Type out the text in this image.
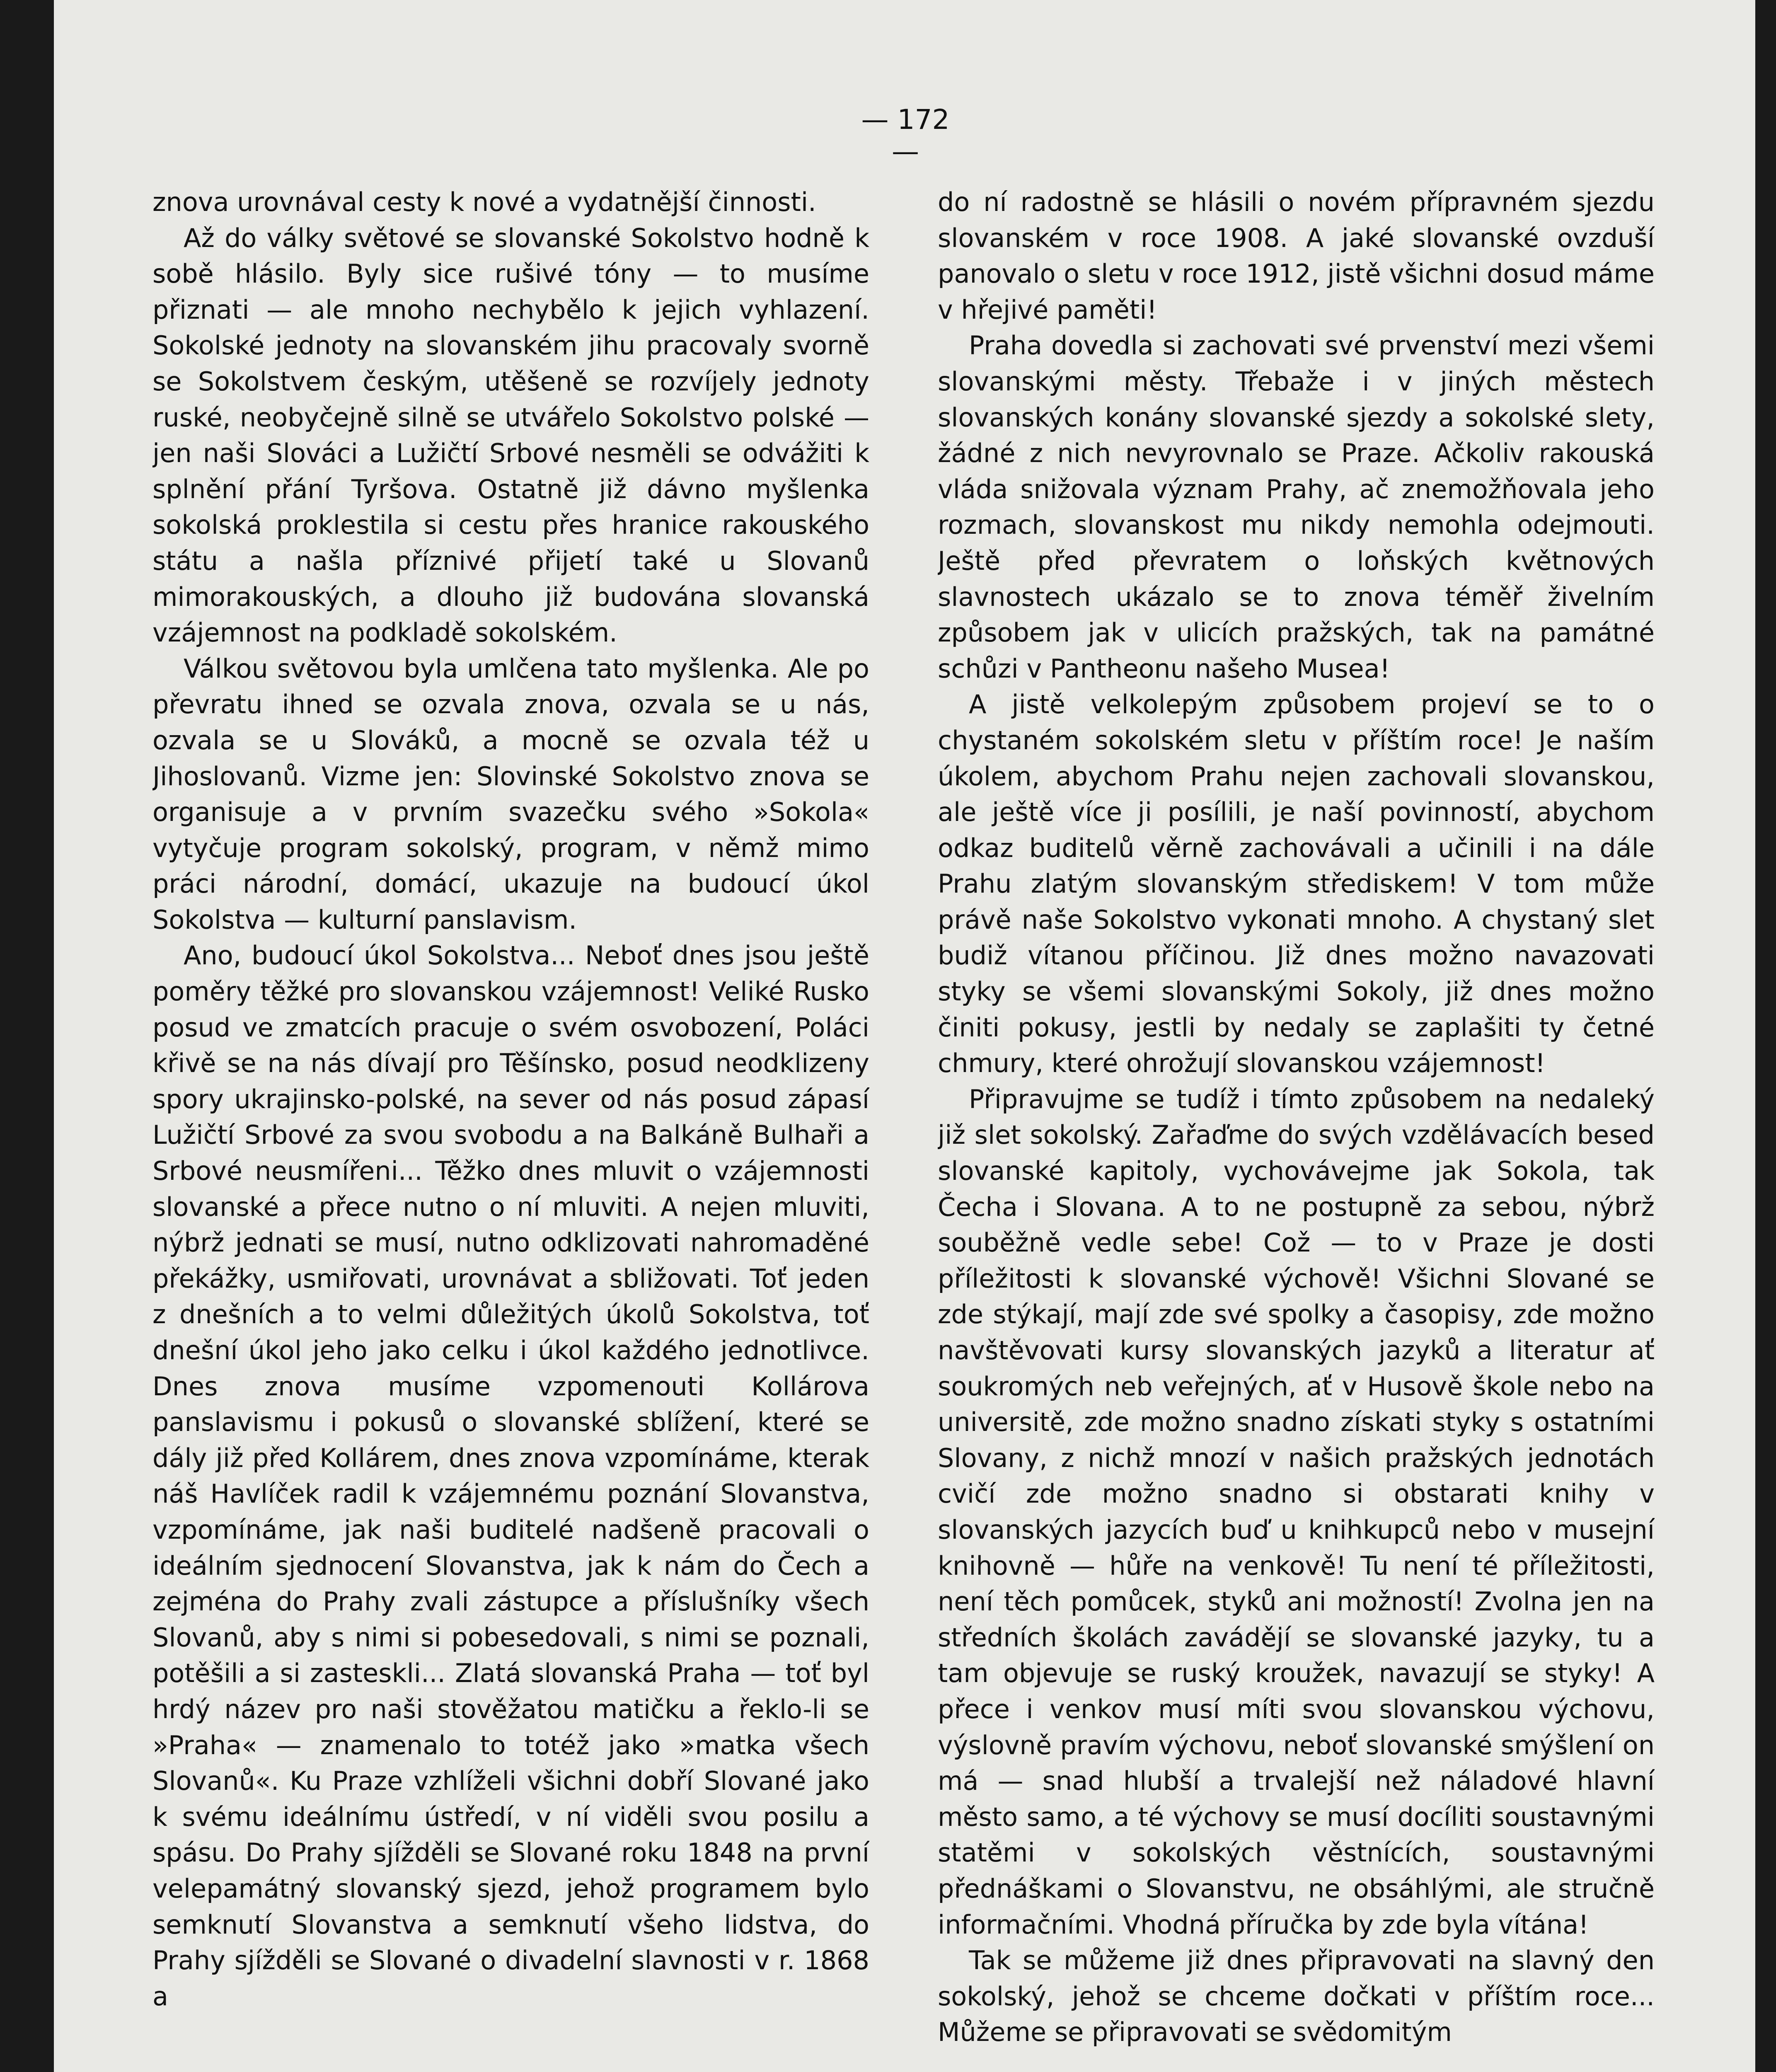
— 172 —

znova urovnával cesty k nové a vydatnější činnosti.

Až do války světové se slovanské Sokolstvo hodně k sobě hlásilo. Byly sice rušivé tóny — to musíme přiznati — ale mnoho nechybělo k jejich vyhlazení. Sokolské jednoty na slovanském jihu pracovaly svorně se Sokolstvem českým, utěšeně se rozvíjely jednoty ruské, neobyčejně silně se utvářelo Sokolstvo polské — jen naši Slováci a Lužičtí Srbové nesměli se odvážiti k splnění přání Tyršova. Ostatně již dávno myšlenka sokolská proklestila si cestu přes hranice rakouského státu a našla příznivé přijetí také u Slovanů mimorakouských, a dlouho již budována slovanská vzájemnost na podkladě sokolském.

Válkou světovou byla umlčena tato myšlenka. Ale po převratu ihned se ozvala znova, ozvala se u nás, ozvala se u Slováků, a mocně se ozvala též u Jihoslovanů. Vizme jen: Slovinské Sokolstvo znova se organisuje a v prvním svazečku svého »Sokola« vytyčuje program sokolský, program, v němž mimo práci národní, domácí, ukazuje na budoucí úkol Sokolstva — kulturní panslavism.

Ano, budoucí úkol Sokolstva... Neboť dnes jsou ještě poměry těžké pro slovanskou vzájemnost! Veliké Rusko posud ve zmatcích pracuje o svém osvobození, Poláci křivě se na nás dívají pro Těšínsko, posud neodklizeny spory ukrajinsko-polské, na sever od nás posud zápasí Lužičtí Srbové za svou svobodu a na Balkáně Bulhaři a Srbové neusmířeni... Těžko dnes mluvit o vzájemnosti slovanské a přece nutno o ní mluviti. A nejen mluviti, nýbrž jednati se musí, nutno odklizovati nahromaděné překážky, usmiřovati, urovnávat a sbližovati. Toť jeden z dnešních a to velmi důležitých úkolů Sokolstva, toť dnešní úkol jeho jako celku i úkol každého jednotlivce. Dnes znova musíme vzpomenouti Kollárova panslavismu i pokusů o slovanské sblížení, které se dály již před Kollárem, dnes znova vzpomínáme, kterak náš Havlíček radil k vzájemnému poznání Slovanstva, vzpomínáme, jak naši buditelé nadšeně pracovali o ideálním sjednocení Slovanstva, jak k nám do Čech a zejména do Prahy zvali zástupce a příslušníky všech Slovanů, aby s nimi si pobesedovali, s nimi se poznali, potěšili a si zasteskli... Zlatá slovanská Praha — toť byl hrdý název pro naši stověžatou matičku a řeklo-li se »Praha« — znamenalo to totéž jako »matka všech Slovanů«. Ku Praze vzhlíželi všichni dobří Slované jako k svému ideálnímu ústředí, v ní viděli svou posilu a spásu. Do Prahy sjížděli se Slované roku 1848 na první velepamátný slovanský sjezd, jehož programem bylo semknutí Slovanstva a semknutí všeho lidstva, do Prahy sjížděli se Slované o divadelní slavnosti v r. 1868 a

do ní radostně se hlásili o novém přípravném sjezdu slovanském v roce 1908. A jaké slovanské ovzduší panovalo o sletu v roce 1912, jistě všichni dosud máme v hřejivé paměti!

Praha dovedla si zachovati své prvenství mezi všemi slovanskými městy. Třebaže i v jiných městech slovanských konány slovanské sjezdy a sokolské slety, žádné z nich nevyrovnalo se Praze. Ačkoliv rakouská vláda snižovala význam Prahy, ač znemožňovala jeho rozmach, slovanskost mu nikdy nemohla odejmouti. Ještě před převratem o loňských květnových slavnostech ukázalo se to znova téměř živelním způsobem jak v ulicích pražských, tak na památné schůzi v Pantheonu našeho Musea!

A jistě velkolepým způsobem projeví se to o chystaném sokolském sletu v příštím roce! Je naším úkolem, abychom Prahu nejen zachovali slovanskou, ale ještě více ji posílili, je naší povinností, abychom odkaz buditelů věrně zachovávali a učinili i na dále Prahu zlatým slovanským střediskem! V tom může právě naše Sokolstvo vykonati mnoho. A chystaný slet budiž vítanou příčinou. Již dnes možno navazovati styky se všemi slovanskými Sokoly, již dnes možno činiti pokusy, jestli by nedaly se zaplašiti ty četné chmury, které ohrožují slovanskou vzájemnost!

Připravujme se tudíž i tímto způsobem na nedaleký již slet sokolský. Zařaďme do svých vzdělávacích besed slovanské kapitoly, vychovávejme jak Sokola, tak Čecha i Slovana. A to ne postupně za sebou, nýbrž souběžně vedle sebe! Což — to v Praze je dosti příležitosti k slovanské výchově! Všichni Slované se zde stýkají, mají zde své spolky a časopisy, zde možno navštěvovati kursy slovanských jazyků a literatur ať soukromých neb veřejných, ať v Husově škole nebo na universitě, zde možno snadno získati styky s ostatními Slovany, z nichž mnozí v našich pražských jednotách cvičí zde možno snadno si obstarati knihy v slovanských jazycích buď u knihkupců nebo v musejní knihovně — hůře na venkově! Tu není té příležitosti, není těch pomůcek, styků ani možností! Zvolna jen na středních školách zavádějí se slovanské jazyky, tu a tam objevuje se ruský kroužek, navazují se styky! A přece i venkov musí míti svou slovanskou výchovu, výslovně pravím výchovu, neboť slovanské smýšlení on má — snad hlubší a trvalejší než náladové hlavní město samo, a té výchovy se musí docíliti soustavnými statěmi v sokolských věstnících, soustavnými přednáškami o Slovanstvu, ne obsáhlými, ale stručně informačními. Vhodná příručka by zde byla vítána!

Tak se můžeme již dnes připravovati na slavný den sokolský, jehož se chceme dočkati v příštím roce... Můžeme se připravovati se svědomitým
